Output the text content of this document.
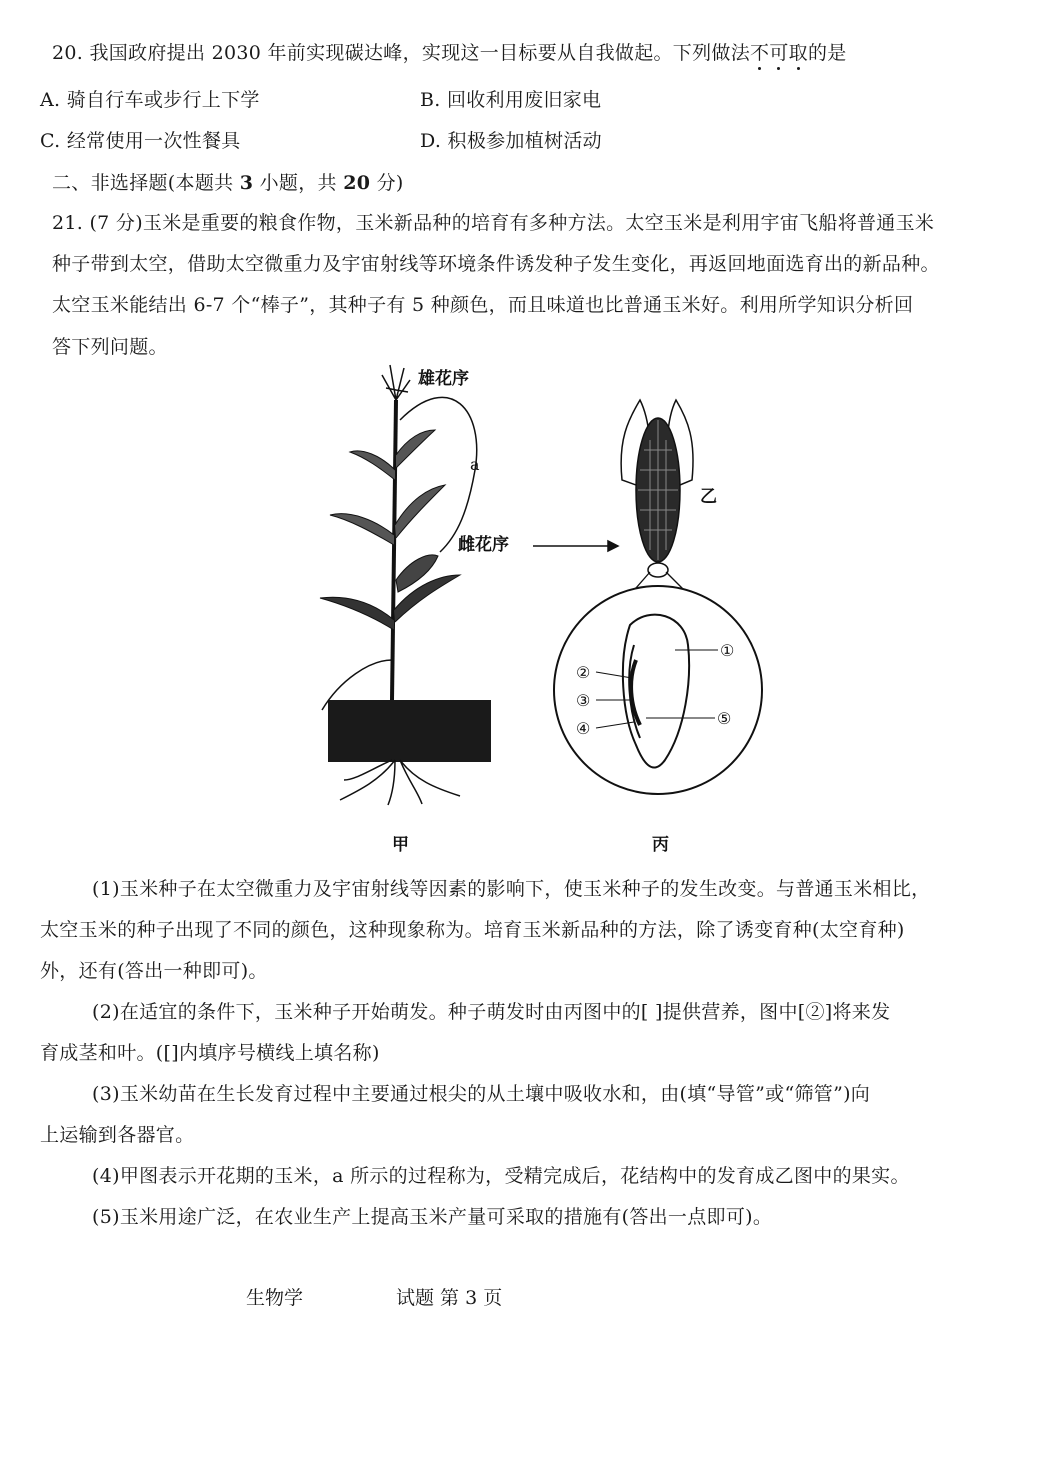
20. 我国政府提出 2030 年前实现碳达峰，实现这一目标要从自我做起。下列做法不可取的是
A. 骑自行车或步行上下学	B. 回收利用废旧家电
C. 经常使用一次性餐具	D. 积极参加植树活动
二、非选择题(本题共 3 小题，共 20 分)
21. (7 分)玉米是重要的粮食作物，玉米新品种的培育有多种方法。太空玉米是利用宇宙飞船将普通玉米
种子带到太空，借助太空微重力及宇宙射线等环境条件诱发种子发生变化，再返回地面选育出的新品种。
太空玉米能结出 6-7 个“棒子”，其种子有 5 种颜色，而且味道也比普通玉米好。利用所学知识分析回
答下列问题。
雄花序
a
雌花序
乙
①
②
③
④
⑤
甲	丙
(1)玉米种子在太空微重力及宇宙射线等因素的影响下，使玉米种子的发生改变。与普通玉米相比，
太空玉米的种子出现了不同的颜色，这种现象称为。培育玉米新品种的方法，除了诱变育种(太空育种)
外，还有(答出一种即可)。
(2)在适宜的条件下，玉米种子开始萌发。种子萌发时由丙图中的[ ]提供营养，图中[②]将来发
育成茎和叶。([]内填序号横线上填名称)
(3)玉米幼苗在生长发育过程中主要通过根尖的从土壤中吸收水和，由(填“导管”或“筛管”)向
上运输到各器官。
(4)甲图表示开花期的玉米，a 所示的过程称为，受精完成后，花结构中的发育成乙图中的果实。
(5)玉米用途广泛，在农业生产上提高玉米产量可采取的措施有(答出一点即可)。
生物学	试题 第 3 页
